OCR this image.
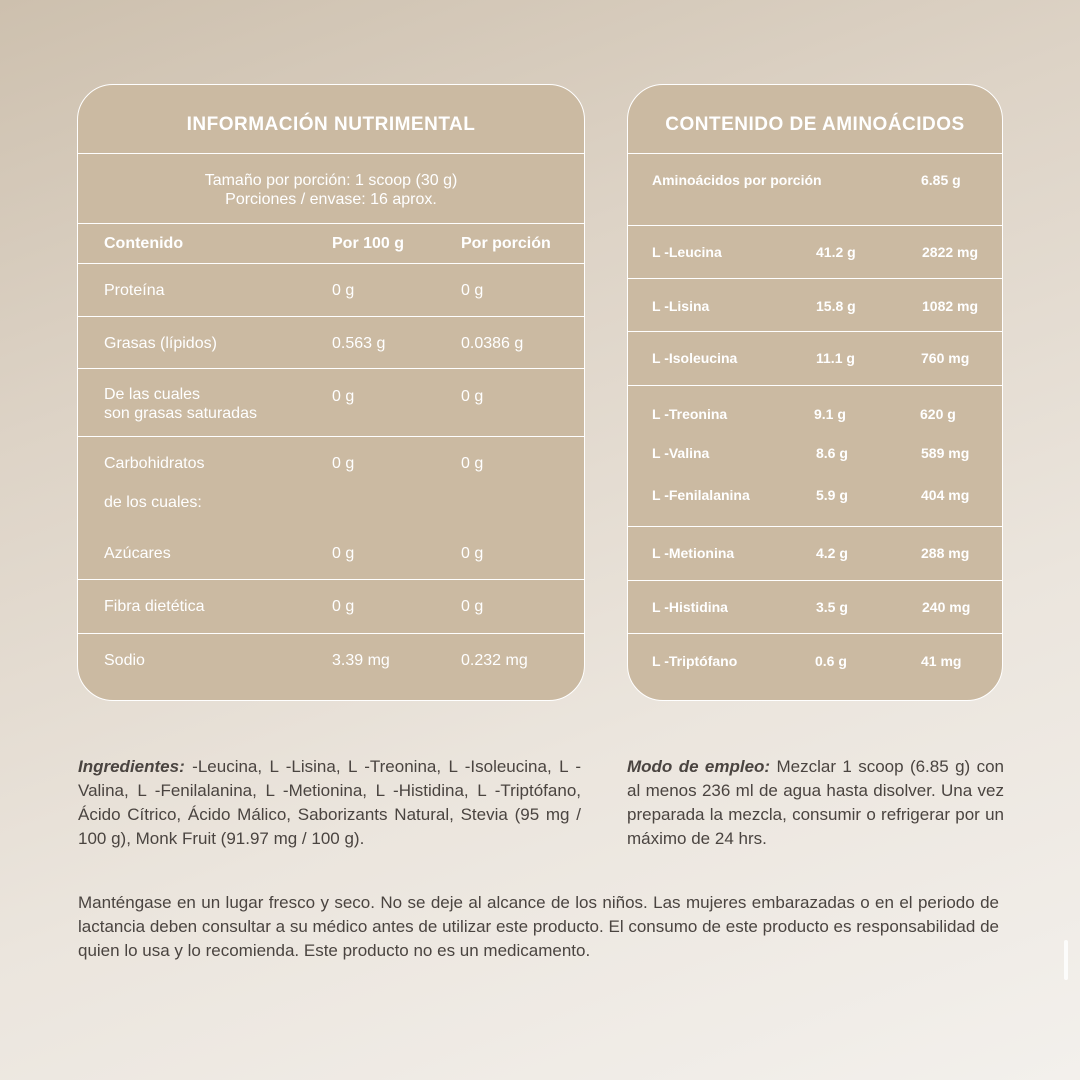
INFORMACIÓN NUTRIMENTAL
Tamaño por porción: 1 scoop (30 g)
Porciones / envase: 16 aprox.
Contenido	Por 100 g	Por porción
Proteína	0 g	0 g
Grasas (lípidos)	0.563 g	0.0386 g
De las cuales
son grasas saturadas
0 g	0 g
Carbohidratos	0 g	0 g
de los cuales:
Azúcares	0 g	0 g
Fibra dietética	0 g	0 g
Sodio	3.39 mg	0.232 mg
CONTENIDO DE AMINOÁCIDOS
Aminoácidos por porción	6.85 g
L -Leucina	41.2 g	2822 mg
L -Lisina	15.8 g	1082 mg
L -Isoleucina	11.1 g	760 mg
L -Treonina	9.1 g	620 g
L -Valina	8.6 g	589 mg
L -Fenilalanina	5.9 g	404 mg
L -Metionina	4.2 g	288 mg
L -Histidina	3.5 g	240 mg
L -Triptófano	0.6 g	41 mg
Ingredientes: -Leucina, L -Lisina, L -Treonina, L -Isoleucina, L -Valina, L -Fenilalanina, L -Metionina, L -Histidina, L -Triptófano, Ácido Cítrico, Ácido Málico, Saborizants Natural, Stevia (95 mg / 100 g), Monk Fruit (91.97 mg / 100 g).
Modo de empleo: Mezclar 1 scoop (6.85 g) con al menos 236 ml de agua hasta disolver. Una vez preparada la mezcla, consumir o refrigerar por un máximo de 24 hrs.
Manténgase en un lugar fresco y seco. No se deje al alcance de los niños. Las mujeres embarazadas o en el periodo de lactancia deben consultar a su médico antes de utilizar este producto. El consumo de este producto es responsabilidad de quien lo usa y lo recomienda. Este producto no es un medicamento.
